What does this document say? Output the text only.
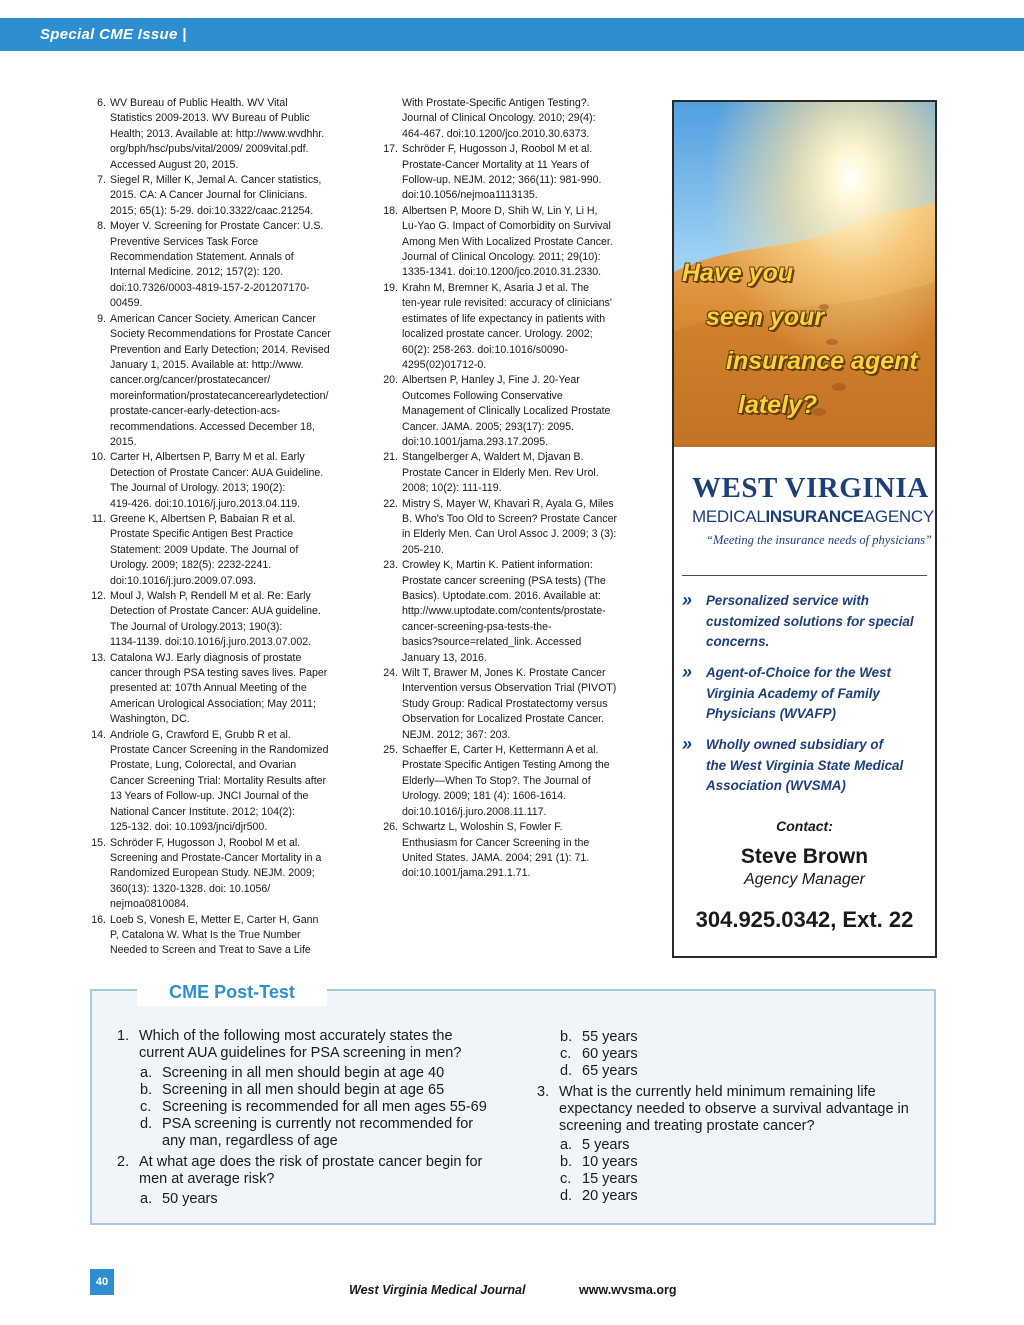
Special CME Issue |
6. WV Bureau of Public Health. WV Vital
Statistics 2009-2013. WV Bureau of Public
Health; 2013. Available at: http://www.wvdhhr.
org/bph/hsc/pubs/vital/2009/ 2009vital.pdf.
Accessed August 20, 2015.
7. Siegel R, Miller K, Jemal A. Cancer statistics,
2015. CA: A Cancer Journal for Clinicians.
2015; 65(1): 5-29. doi:10.3322/caac.21254.
8. Moyer V. Screening for Prostate Cancer: U.S.
Preventive Services Task Force
Recommendation Statement. Annals of
Internal Medicine. 2012; 157(2): 120.
doi:10.7326/0003-4819-157-2-201207170-
00459.
9. American Cancer Society. American Cancer
Society Recommendations for Prostate Cancer
Prevention and Early Detection; 2014. Revised
January 1, 2015. Available at: http://www.
cancer.org/cancer/prostatecancer/
moreinformation/prostatecancerearlydetection/
prostate-cancer-early-detection-acs-
recommendations. Accessed December 18,
2015.
10. Carter H, Albertsen P, Barry M et al. Early
Detection of Prostate Cancer: AUA Guideline.
The Journal of Urology. 2013; 190(2):
419-426. doi:10.1016/j.juro.2013.04.119.
11. Greene K, Albertsen P, Babaian R et al.
Prostate Specific Antigen Best Practice
Statement: 2009 Update. The Journal of
Urology. 2009; 182(5): 2232-2241.
doi:10.1016/j.juro.2009.07.093.
12. Moul J, Walsh P, Rendell M et al. Re: Early
Detection of Prostate Cancer: AUA guideline.
The Journal of Urology.2013; 190(3):
1134-1139. doi:10.1016/j.juro.2013.07.002.
13. Catalona WJ. Early diagnosis of prostate
cancer through PSA testing saves lives. Paper
presented at: 107th Annual Meeting of the
American Urological Association; May 2011;
Washington, DC.
14. Andriole G, Crawford E, Grubb R et al.
Prostate Cancer Screening in the Randomized
Prostate, Lung, Colorectal, and Ovarian
Cancer Screening Trial: Mortality Results after
13 Years of Follow-up. JNCI Journal of the
National Cancer Institute. 2012; 104(2):
125-132. doi: 10.1093/jnci/djr500.
15. Schröder F, Hugosson J, Roobol M et al.
Screening and Prostate-Cancer Mortality in a
Randomized European Study. NEJM. 2009;
360(13): 1320-1328. doi: 10.1056/
nejmoa0810084.
16. Loeb S, Vonesh E, Metter E, Carter H, Gann
P, Catalona W. What Is the True Number
Needed to Screen and Treat to Save a Life
With Prostate-Specific Antigen Testing?.
Journal of Clinical Oncology. 2010; 29(4):
464-467. doi:10.1200/jco.2010.30.6373.
17. Schröder F, Hugosson J, Roobol M et al.
Prostate-Cancer Mortality at 11 Years of
Follow-up. NEJM. 2012; 366(11): 981-990.
doi:10.1056/nejmoa1113135.
18. Albertsen P, Moore D, Shih W, Lin Y, Li H,
Lu-Yao G. Impact of Comorbidity on Survival
Among Men With Localized Prostate Cancer.
Journal of Clinical Oncology. 2011; 29(10):
1335-1341. doi:10.1200/jco.2010.31.2330.
19. Krahn M, Bremner K, Asaria J et al. The
ten-year rule revisited: accuracy of clinicians'
estimates of life expectancy in patients with
localized prostate cancer. Urology. 2002;
60(2): 258-263. doi:10.1016/s0090-
4295(02)01712-0.
20. Albertsen P, Hanley J, Fine J. 20-Year
Outcomes Following Conservative
Management of Clinically Localized Prostate
Cancer. JAMA. 2005; 293(17): 2095.
doi:10.1001/jama.293.17.2095.
21. Stangelberger A, Waldert M, Djavan B.
Prostate Cancer in Elderly Men. Rev Urol.
2008; 10(2): 111-119.
22. Mistry S, Mayer W, Khavari R, Ayala G, Miles
B. Who's Too Old to Screen? Prostate Cancer
in Elderly Men. Can Urol Assoc J. 2009; 3 (3):
205-210.
23. Crowley K, Martin K. Patient information:
Prostate cancer screening (PSA tests) (The
Basics). Uptodate.com. 2016. Available at:
http://www.uptodate.com/contents/prostate-
cancer-screening-psa-tests-the-
basics?source=related_link. Accessed
January 13, 2016.
24. Wilt T, Brawer M, Jones K. Prostate Cancer
Intervention versus Observation Trial (PIVOT)
Study Group: Radical Prostatectomy versus
Observation for Localized Prostate Cancer.
NEJM. 2012; 367: 203.
25. Schaeffer E, Carter H, Kettermann A et al.
Prostate Specific Antigen Testing Among the
Elderly—When To Stop?. The Journal of
Urology. 2009; 181 (4): 1606-1614.
doi:10.1016/j.juro.2008.11.117.
26. Schwartz L, Woloshin S, Fowler F.
Enthusiasm for Cancer Screening in the
United States. JAMA. 2004; 291 (1): 71.
doi:10.1001/jama.291.1.71.
Have you
seen your
insurance agent
lately?
WEST VIRGINIA
MEDICALINSURANCEAGENCY
“Meeting the insurance needs of physicians”
»	Personalized service with
customized solutions for special
concerns.
»	Agent-of-Choice for the West
Virginia Academy of Family
Physicians (WVAFP)
»	Wholly owned subsidiary of
the West Virginia State Medical
Association (WVSMA)
Contact:
Steve Brown
Agency Manager
304.925.0342, Ext. 22
CME Post-Test
1. Which of the following most accurately states the
current AUA guidelines for PSA screening in men?
a. Screening in all men should begin at age 40
b. Screening in all men should begin at age 65
c. Screening is recommended for all men ages 55-69
d. PSA screening is currently not recommended for
any man, regardless of age
2. At what age does the risk of prostate cancer begin for
men at average risk?
a. 50 years
b. 55 years
c. 60 years
d. 65 years
3. What is the currently held minimum remaining life
expectancy needed to observe a survival advantage in
screening and treating prostate cancer?
a. 5 years
b. 10 years
c. 15 years
d. 20 years
40
West Virginia Medical Journal	www.wvsma.org
